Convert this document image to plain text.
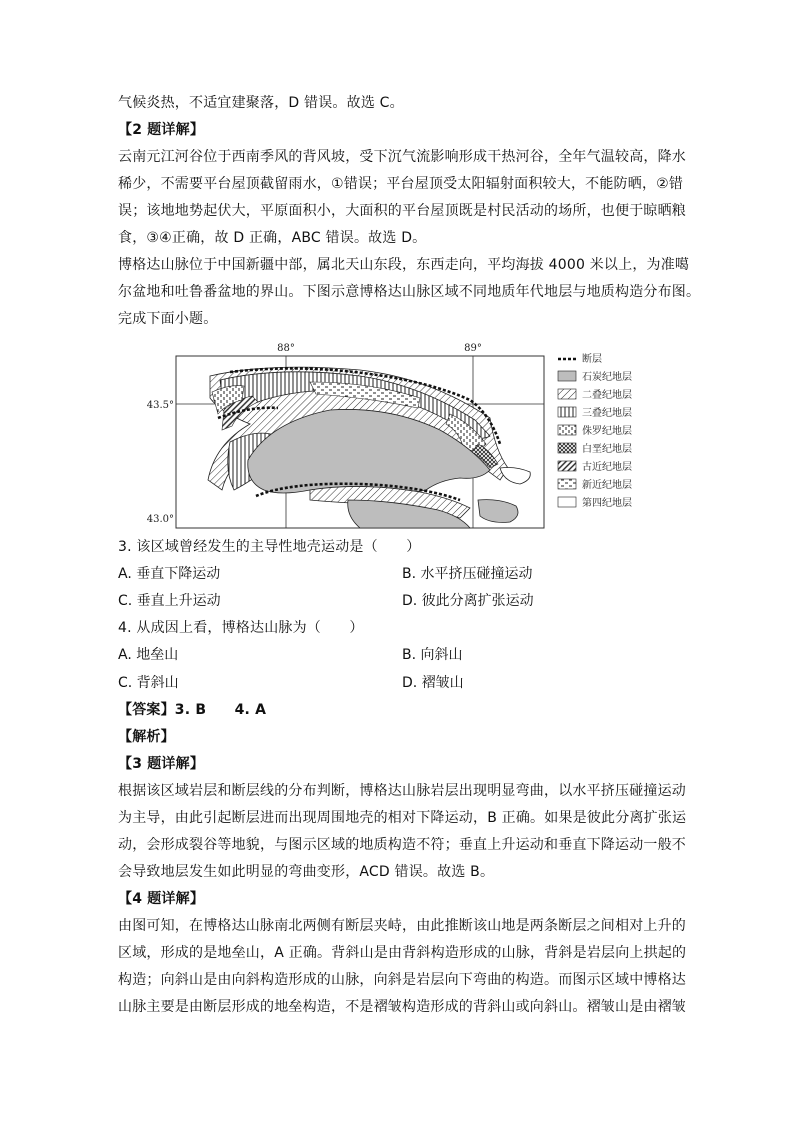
气候炎热，不适宜建聚落，D 错误。故选 C。
【2 题详解】
云南元江河谷位于西南季风的背风坡，受下沉气流影响形成干热河谷，全年气温较高，降水
稀少，不需要平台屋顶截留雨水，①错误；平台屋顶受太阳辐射面积较大，不能防晒，②错
误；该地地势起伏大，平原面积小，大面积的平台屋顶既是村民活动的场所，也便于晾晒粮
食，③④正确，故 D 正确，ABC 错误。故选 D。
博格达山脉位于中国新疆中部，属北天山东段，东西走向，平均海拔 4000 米以上，为准噶
尔盆地和吐鲁番盆地的界山。下图示意博格达山脉区域不同地质年代地层与地质构造分布图。
完成下面小题。
88°	89°
43.5°
43.0°
断层
石炭纪地层
二叠纪地层
三叠纪地层
侏罗纪地层
白垩纪地层
古近纪地层
新近纪地层
第四纪地层
3. 该区域曾经发生的主导性地壳运动是（　　）
A. 垂直下降运动	B. 水平挤压碰撞运动
C. 垂直上升运动	D. 彼此分离扩张运动
4. 从成因上看，博格达山脉为（　　）
A. 地垒山	B. 向斜山
C. 背斜山	D. 褶皱山
【答案】3. B　　4. A
【解析】
【3 题详解】
根据该区域岩层和断层线的分布判断，博格达山脉岩层出现明显弯曲，以水平挤压碰撞运动
为主导，由此引起断层进而出现周围地壳的相对下降运动，B 正确。如果是彼此分离扩张运
动，会形成裂谷等地貌，与图示区域的地质构造不符；垂直上升运动和垂直下降运动一般不
会导致地层发生如此明显的弯曲变形，ACD 错误。故选 B。
【4 题详解】
由图可知，在博格达山脉南北两侧有断层夹峙，由此推断该山地是两条断层之间相对上升的
区域，形成的是地垒山，A 正确。背斜山是由背斜构造形成的山脉，背斜是岩层向上拱起的
构造；向斜山是由向斜构造形成的山脉，向斜是岩层向下弯曲的构造。而图示区域中博格达
山脉主要是由断层形成的地垒构造，不是褶皱构造形成的背斜山或向斜山。褶皱山是由褶皱
